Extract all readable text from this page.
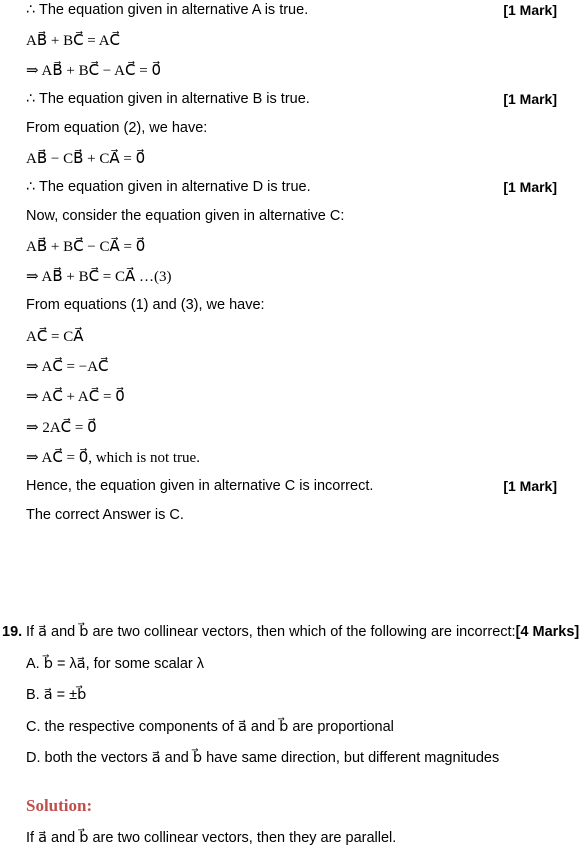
∴ The equation given in alternative A is true.	[1 Mark]
AB⃗ + BC⃗ = AC⃗
⇒ AB⃗ + BC⃗ − AC⃗ = 0⃗
∴ The equation given in alternative B is true.	[1 Mark]
From equation (2), we have:
AB⃗ − CB⃗ + CA⃗ = 0⃗
∴ The equation given in alternative D is true.	[1 Mark]
Now, consider the equation given in alternative C:
AB⃗ + BC⃗ − CA⃗ = 0⃗
⇒ AB⃗ + BC⃗ = CA⃗ …(3)
From equations (1) and (3), we have:
AC⃗ = CA⃗
⇒ AC⃗ = −AC⃗
⇒ AC⃗ + AC⃗ = 0⃗
⇒ 2AC⃗ = 0⃗
⇒ AC⃗ = 0⃗, which is not true.
Hence, the equation given in alternative C is incorrect.	[1 Mark]
The correct Answer is C.
19. If a⃗ and b⃗ are two collinear vectors, then which of the following are incorrect:[4 Marks]
A. b⃗ = λa⃗, for some scalar λ
B. a⃗ = ±b⃗
C. the respective components of a⃗ and b⃗ are proportional
D. both the vectors a⃗ and b⃗ have same direction, but different magnitudes
Solution:
If a⃗ and b⃗ are two collinear vectors, then they are parallel.
